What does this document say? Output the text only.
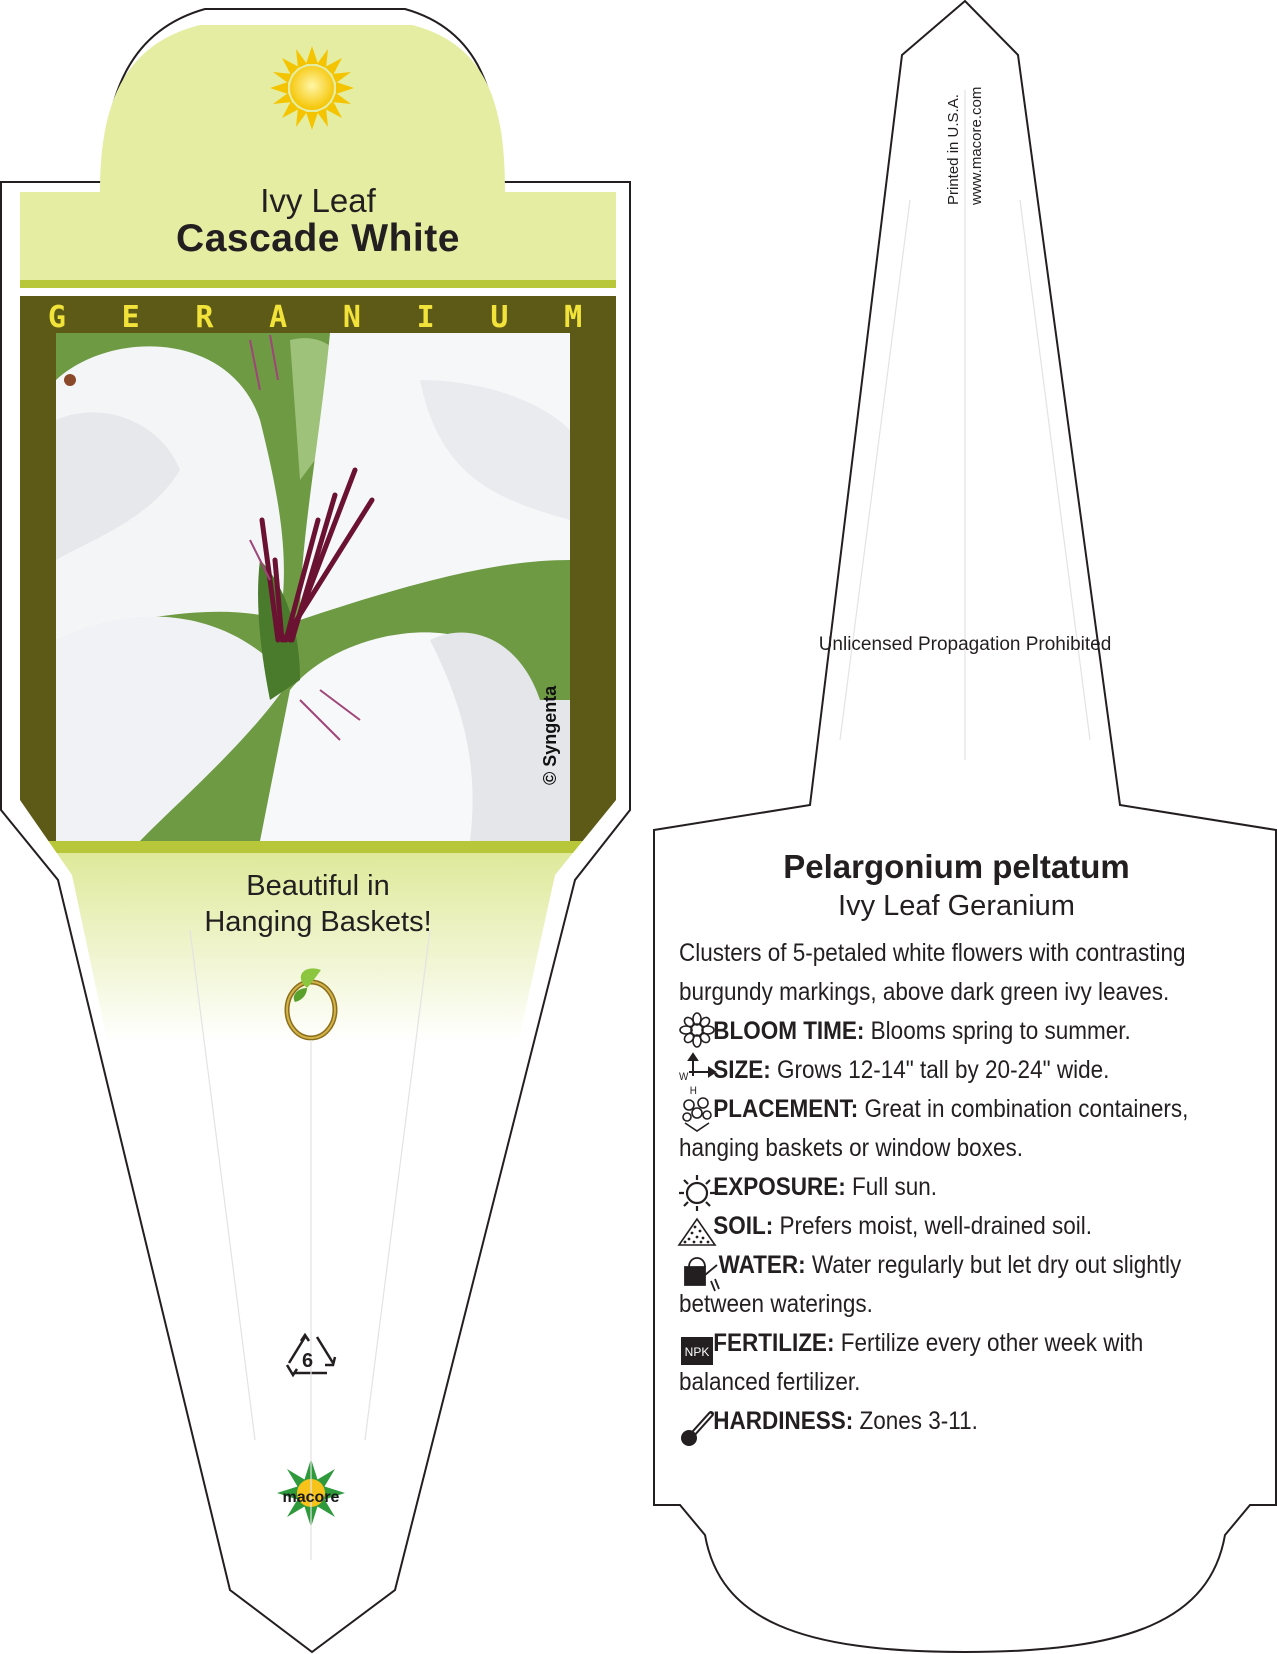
NPK
Ivy Leaf
Cascade White
G E R A N I U M
© Syngenta
Beautiful in
Hanging Baskets!
6
macore
Printed in U.S.A. www.macore.com
Unlicensed Propagation Prohibited
Pelargonium peltatum
Ivy Leaf Geranium

Clusters of 5-petaled white flowers with contrasting

burgundy markings, above dark green ivy leaves.

BLOOM TIME: Blooms spring to summer.

W
H
SIZE: Grows 12-14" tall by 20-24" wide.

PLACEMENT: Great in combination containers,

hanging baskets or window boxes.

EXPOSURE: Full sun.

SOIL: Prefers moist, well-drained soil.

WATER: Water regularly but let dry out slightly

between waterings.

FERTILIZE: Fertilize every other week with

balanced fertilizer.

HARDINESS: Zones 3-11.
